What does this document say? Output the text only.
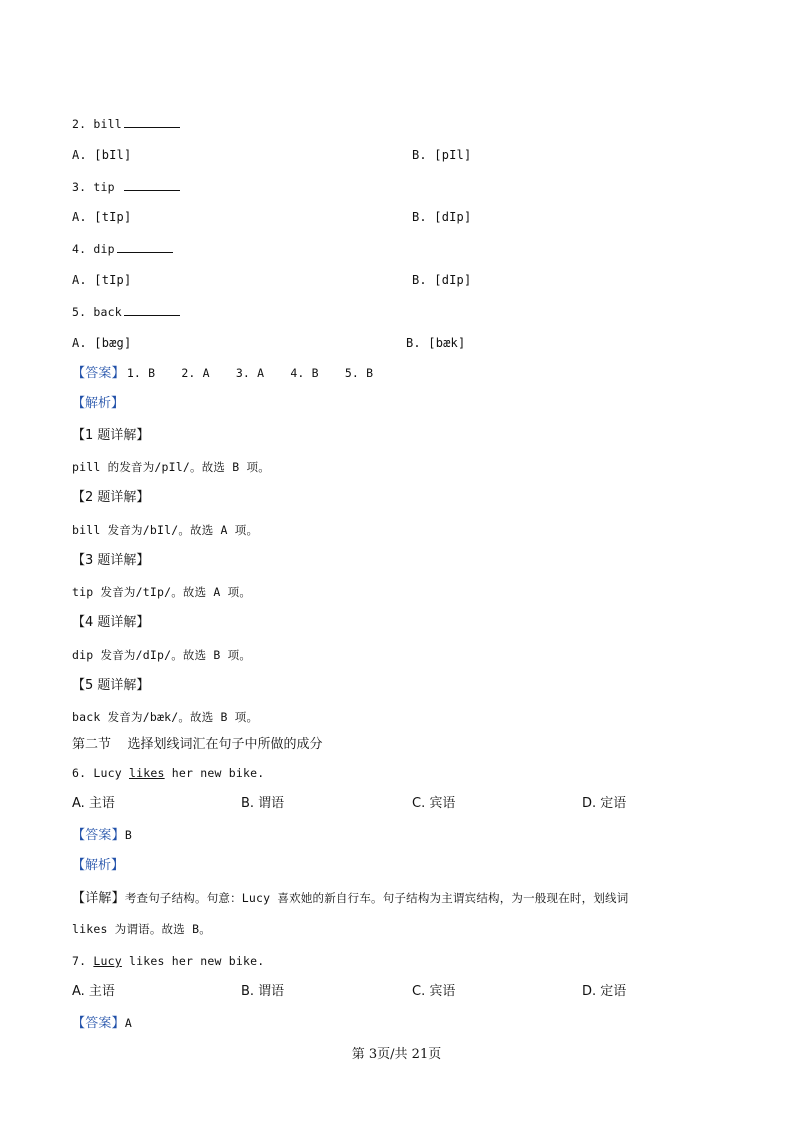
2. bill
A. [bIl]	B. [pIl]
3. tip
A. [tIp]	B. [dIp]
4. dip
A. [tIp]	B. [dIp]
5. back
A. [bæg]	B. [bæk]
【答案】 1. B 2. A 3. A 4. B 5. B
【解析】
【1 题详解】
pill 的发音为/pIl/。故选 B 项。
【2 题详解】
bill 发音为/bIl/。故选 A 项。
【3 题详解】
tip 发音为/tIp/。故选 A 项。
【4 题详解】
dip 发音为/dIp/。故选 B 项。
【5 题详解】
back 发音为/bæk/。故选 B 项。
第二节    选择划线词汇在句子中所做的成分
6. Lucy likes her new bike.
A. 主语	B. 谓语	C. 宾语	D. 定语
【答案】B
【解析】
【详解】考查句子结构。句意：Lucy 喜欢她的新自行车。句子结构为主谓宾结构，为一般现在时，划线词
likes 为谓语。故选 B。
7. Lucy likes her new bike.
A. 主语	B. 谓语	C. 宾语	D. 定语
【答案】A
第 3页/共 21页
